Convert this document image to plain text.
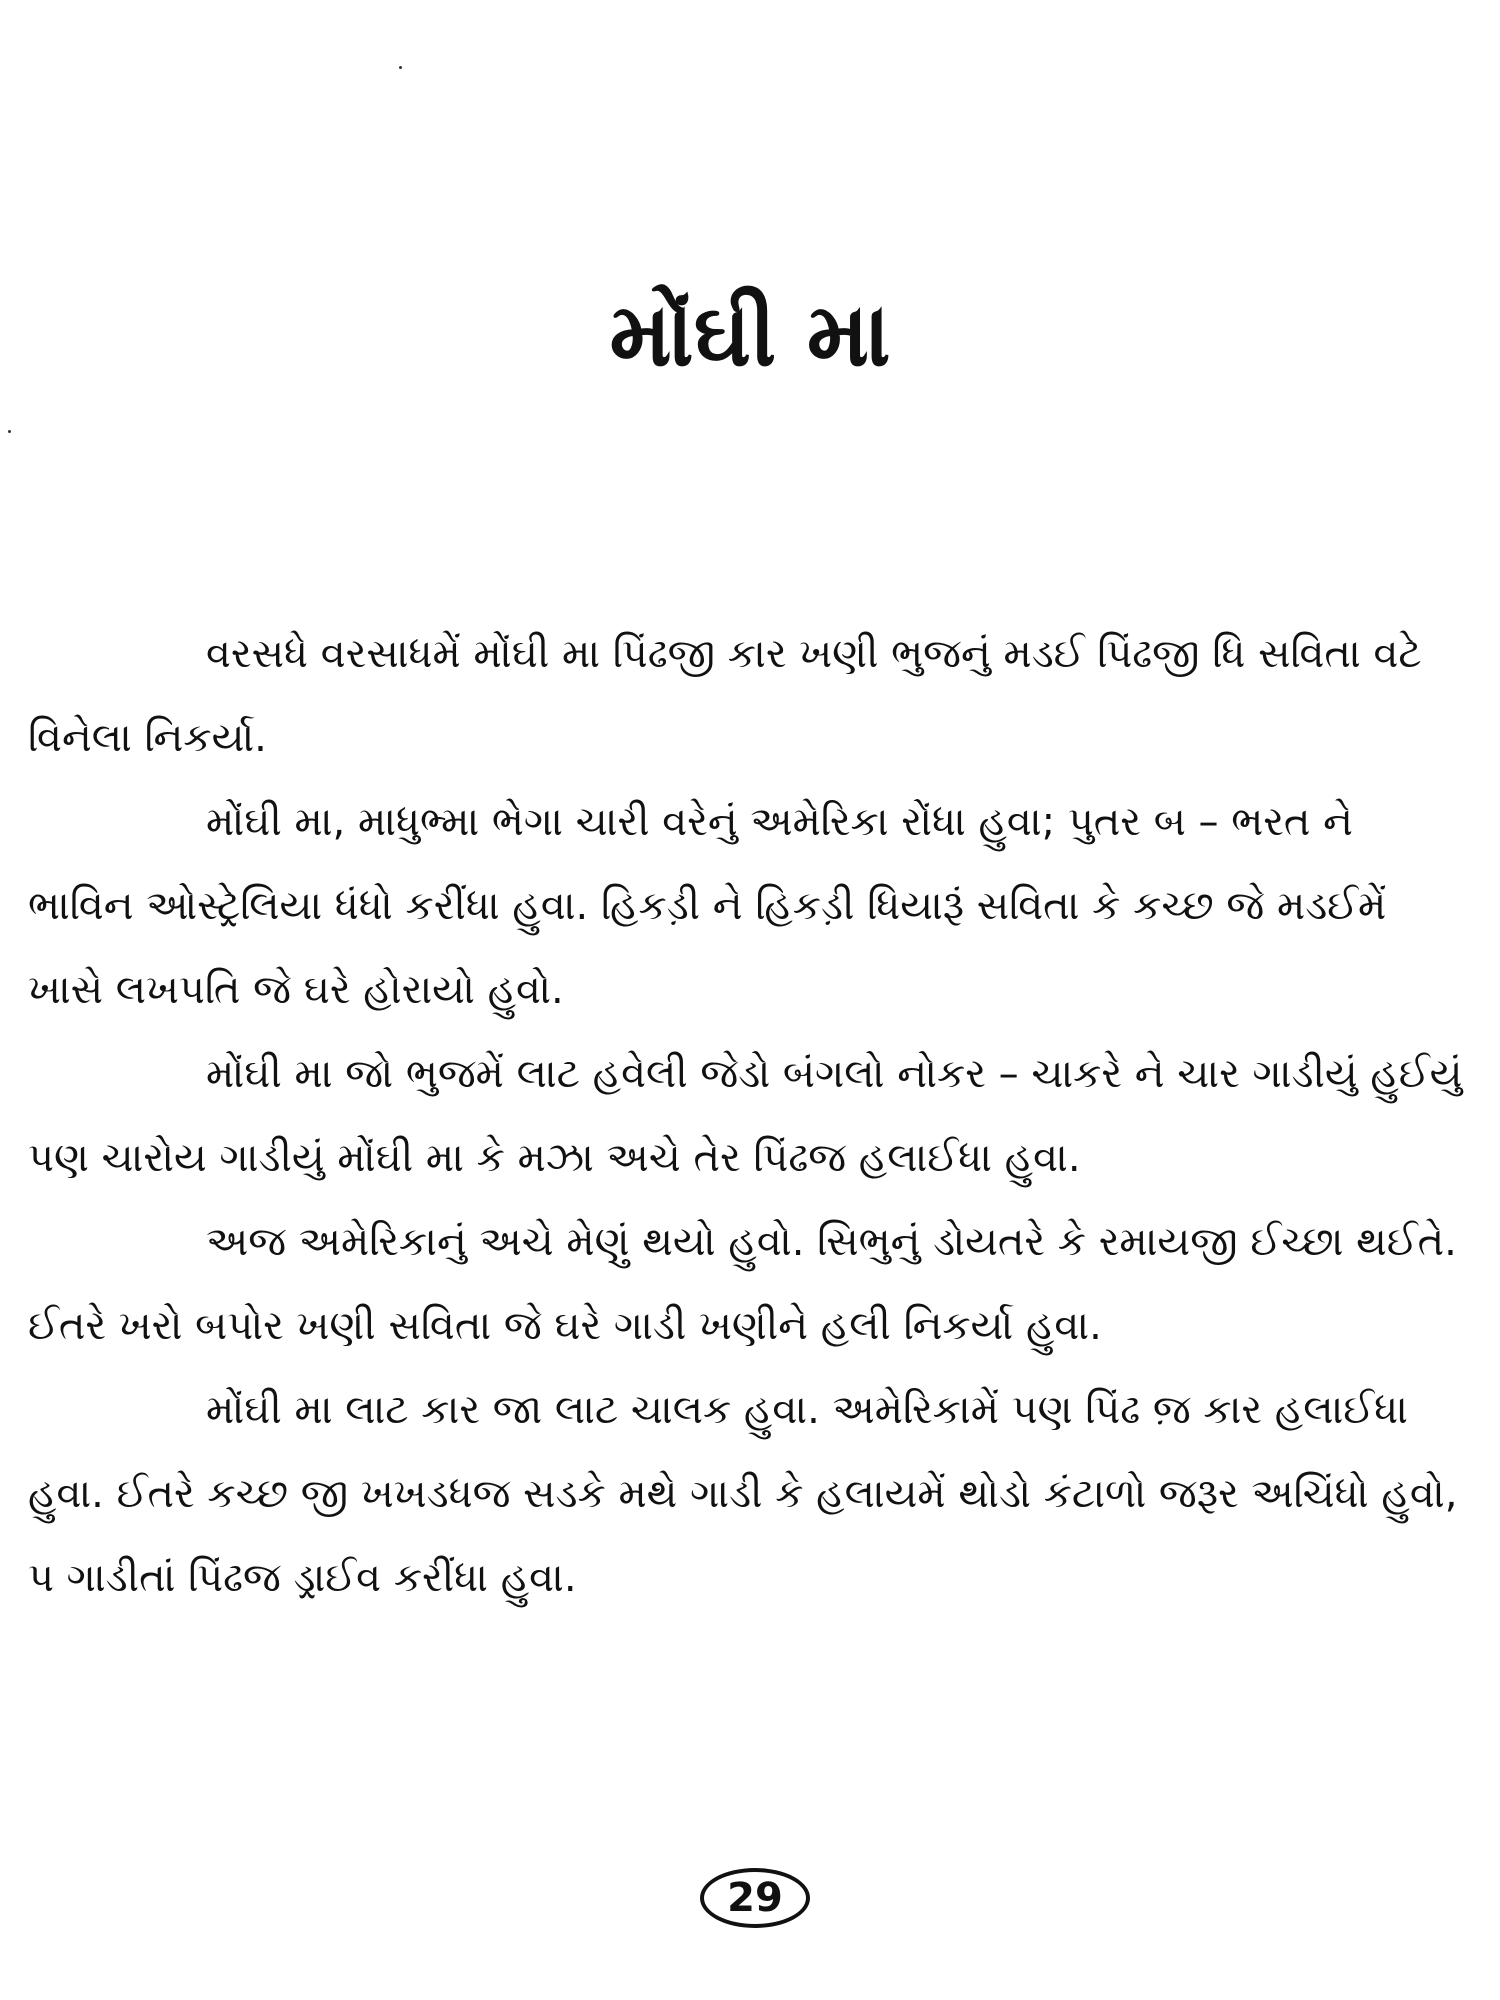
મોંઘી મા

વરસધે વરસાધમેં મોંઘી મા પિંઢજી કાર ખણી ભુજનું મડઈ પિંઢજી ધિ સવિતા વટે વિનેલા નિકર્યા.

મોંઘી મા, માધુભ્મા ભેગા ચારી વરેનું અમેરિકા રોંધા હુવા; પુતર બ – ભરત ને ભાવિન ઓસ્ટ્રેલિયા ધંધો કરીંધા હુવા. હિકડ઼ી ને હિકડ઼ી ધિયારૂં સવિતા કે કચ્છ જે મડઈમેં ખાસે લખપતિ જે ઘરે હોરાયો હુવો.

મોંઘી મા જો ભુજમેં લાટ હવેલી જેડો બંગલો નોકર – ચાકરે ને ચાર ગાડીયું હુઈયું પણ ચારોય ગાડીયું મોંઘી મા કે મઝા અચે તેર પિંઢજ હલાઈધા હુવા.

અજ અમેરિકાનું અચે મેણું થયો હુવો. સિભુનું ડોયતરે કે રમાયજી ઈચ્છા થઈતે. ઈતરે ખરો બપોર ખણી સવિતા જે ઘરે ગાડી ખણીને હલી નિકર્યા હુવા.

મોંઘી મા લાટ કાર જા લાટ ચાલક હુવા. અમેરિકામેં પણ પિંઢ જ઼ કાર હલાઈધા હુવા. ઈતરે કચ્છ જી ખખડધજ સડકે મથે ગાડી કે હલાયમેં થોડો કંટાળો જરૂર અચિંધો હુવો, પ ગાડીતાં પિંઢજ ડ્રાઈવ કરીંધા હુવા.

29
